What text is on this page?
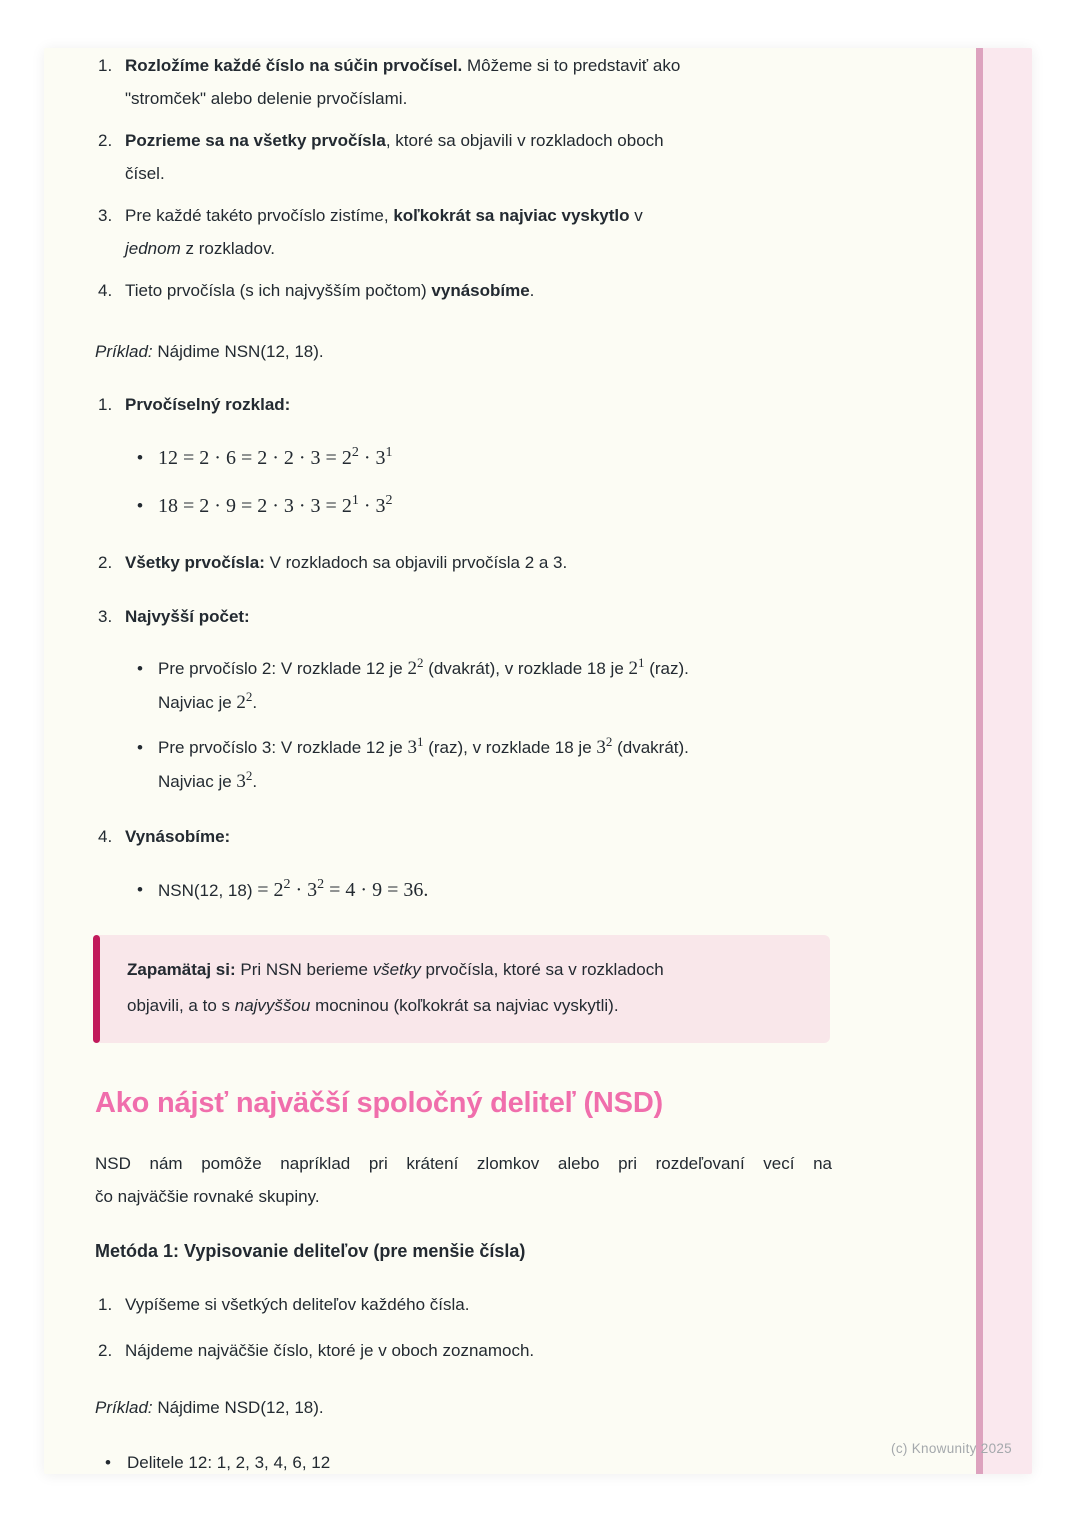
1. Rozložíme každé číslo na súčin prvočísel. Môžeme si to predstaviť ako
"stromček" alebo delenie prvočíslami.
2. Pozrieme sa na všetky prvočísla, ktoré sa objavili v rozkladoch oboch
čísel.
3. Pre každé takéto prvočíslo zistíme, koľkokrát sa najviac vyskytlo v
jednom z rozkladov.
4. Tieto prvočísla (s ich najvyšším počtom) vynásobíme.
Príklad: Nájdime NSN(12, 18).
1. Prvočíselný rozklad:
• $12 = 2 \cdot 6 = 2 \cdot 2 \cdot 3 = 2^2 \cdot 3^1$
• $18 = 2 \cdot 9 = 2 \cdot 3 \cdot 3 = 2^1 \cdot 3^2$
2. Všetky prvočísla: V rozkladoch sa objavili prvočísla 2 a 3.
3. Najvyšší počet:
• Pre prvočíslo 2: V rozklade 12 je $2^2$ (dvakrát), v rozklade 18 je $2^1$ (raz).
Najviac je $2^2$.
• Pre prvočíslo 3: V rozklade 12 je $3^1$ (raz), v rozklade 18 je $3^2$ (dvakrát).
Najviac je $3^2$.
4. Vynásobíme:
• NSN(12, $18) = 2^2 \cdot 3^2 = 4 \cdot 9 = 36$.
Zapamätaj si: Pri NSN berieme všetky prvočísla, ktoré sa v rozkladoch
objavili, a to s najvyššou mocninou (koľkokrát sa najviac vyskytli).
Ako nájsť najväčší spoločný deliteľ (NSD)
NSD nám pomôže napríklad pri krátení zlomkov alebo pri rozdeľovaní vecí na
čo najväčšie rovnaké skupiny.
Metóda 1: Vypisovanie deliteľov (pre menšie čísla)
1. Vypíšeme si všetkých deliteľov každého čísla.
2. Nájdeme najväčšie číslo, ktoré je v oboch zoznamoch.
Príklad: Nájdime NSD(12, 18).
• Delitele 12: 1, 2, 3, 4, 6, 12
(c) Knowunity 2025
